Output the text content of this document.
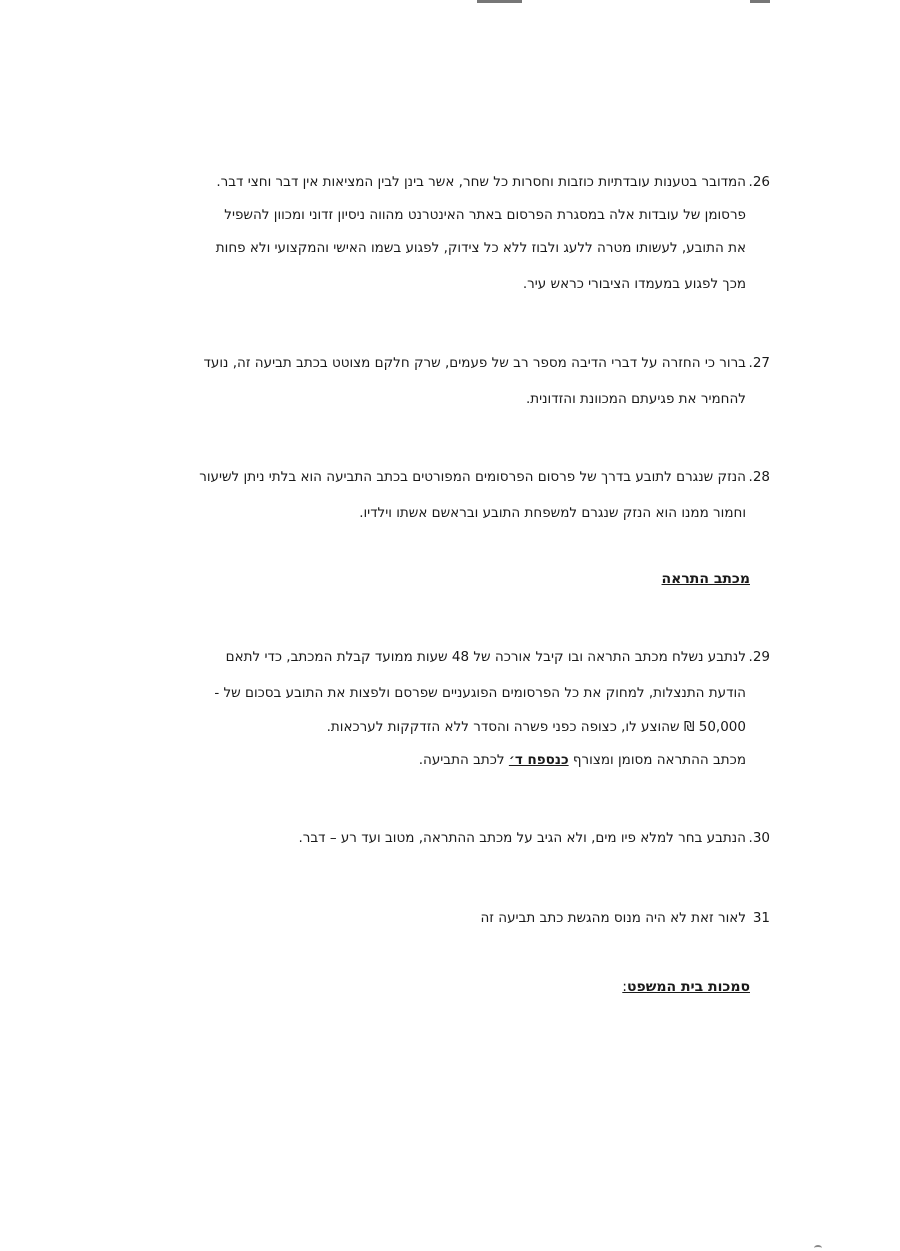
26.
המדובר בטענות עובדתיות כוזבות וחסרות כל שחר, אשר בינן לבין המציאות אין דבר וחצי דבר.
פרסומן של עובדות אלה במסגרת הפרסום באתר האינטרנט מהווה ניסיון זדוני ומכוון להשפיל
את התובע, לעשותו מטרה ללעג ולבוז ללא כל צידוק, לפגוע בשמו האישי והמקצועי ולא פחות
מכך לפגוע במעמדו הציבורי כראש עיר.
27.
ברור כי החזרה על דברי הדיבה מספר רב של פעמים, שרק חלקם מצוטט בכתב תביעה זה, נועד
להחמיר את פגיעתם המכוונת והזדונית.
28.
הנזק שנגרם לתובע בדרך של פרסום הפרסומים המפורטים בכתב התביעה הוא בלתי ניתן לשיעור
וחמור ממנו הוא הנזק שנגרם למשפחת התובע ובראשם אשתו וילדיו.
מכתב התראה
29.
לנתבע נשלח מכתב התראה ובו קיבל אורכה של 48 שעות ממועד קבלת המכתב, כדי לתאם
הודעת התנצלות, למחוק את כל הפרסומים הפוגעניים שפרסם ולפצות את התובע בסכום של -
50,000 ₪ שהוצע לו, כצופה כפני פשרה והסדר ללא הזדקקות לערכאות.
מכתב ההתראה מסומן ומצורף כנספח ד׳ לכתב התביעה.
30.
הנתבע בחר למלא פיו מים, ולא הגיב על מכתב ההתראה, מטוב ועד רע – דבר.
31
לאור זאת לא היה מנוס מהגשת כתב תביעה זה
סמכות בית המשפט:
